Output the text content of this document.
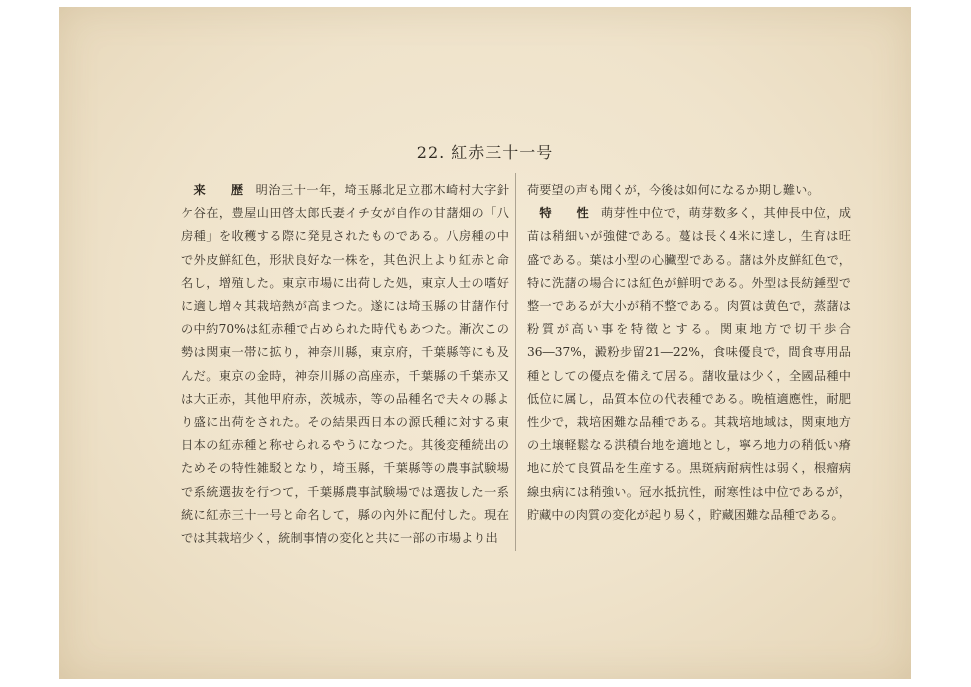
22. 紅赤三十一号
来　歴 明治三十一年，埼玉縣北足立郡木崎村大字針ケ谷在，豊屋山田啓太郎氏妻イチ女が自作の甘藷畑の「八房種」を收穫する際に発見されたものである。八房種の中で外皮鮮紅色，形狀良好な一株を，其色沢上より紅赤と命名し，增殖した。東京市場に出荷した処，東京人士の嗜好に適し増々其栽培熱が高まつた。遂には埼玉縣の甘藷作付の中約70%は紅赤種で占められた時代もあつた。漸次この勢は関東一帯に拡り，神奈川縣，東京府，千葉縣等にも及んだ。東京の金時，神奈川縣の高座赤，千葉縣の千葉赤又は大正赤，其他甲府赤，茨城赤，等の品種名で夫々の縣より盛に出荷をされた。その結果西日本の源氏種に対する東日本の紅赤種と称せられるやうになつた。其後変種続出のためその特性雑駁となり，埼玉縣，千葉縣等の農事試験場で系統選抜を行つて，千葉縣農事試験場では選抜した一系統に紅赤三十一号と命名して，縣の內外に配付した。現在では其栽培少く，統制事情の変化と共に一部の市場より出
荷要望の声も聞くが，今後は如何になるか期し難い。
特　性 萌芽性中位で，萌芽数多く，其伸長中位，成苗は稍細いが強健である。蔓は長く4米に達し，生育は旺盛である。葉は小型の心臟型である。藷は外皮鮮紅色で，特に洗藷の場合には紅色が鮮明である。外型は長紡錘型で整一であるが大小が稍不整である。肉質は黄色で，蒸藷は粉質が高い事を特徵とする。関東地方で切干歩合36―37%，澱粉步留21―22%，食味優良で，間食専用品種としての優点を備えて居る。藷收量は少く，全國品種中低位に属し，品質本位の代表種である。晩植適應性，耐肥性少で，栽培困難な品種である。其栽培地域は，関東地方の土壌軽鬆なる洪積台地を適地とし，寧ろ地力の稍低い瘠地に於て良質品を生産する。黒斑病耐病性は弱く，根瘤病線虫病には稍強い。冠水抵抗性，耐寒性は中位であるが，貯藏中の肉質の変化が起り易く，貯藏困難な品種である。
